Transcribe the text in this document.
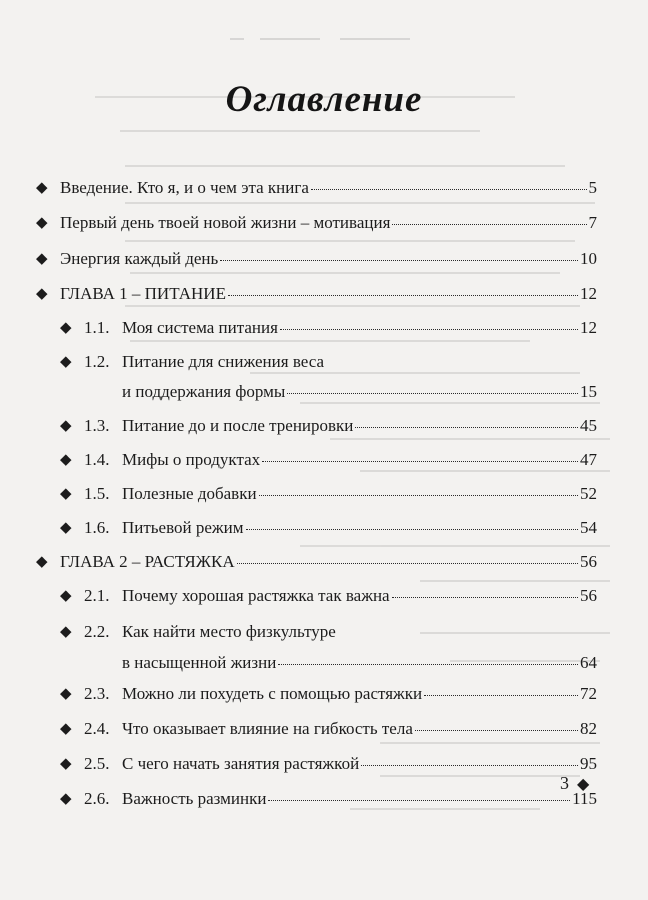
Оглавление
◆ Введение. Кто я, и о чем эта книга	5
◆ Первый день твоей новой жизни – мотивация	7
◆ Энергия каждый день	10
◆ ГЛАВА 1 – ПИТАНИЕ	12
◆ 1.1. Моя система питания	12
◆ 1.2. Питание для снижения веса
и поддержания формы	15
◆ 1.3. Питание до и после тренировки	45
◆ 1.4. Мифы о продуктах	47
◆ 1.5. Полезные добавки	52
◆ 1.6. Питьевой режим	54
◆ ГЛАВА 2 – РАСТЯЖКА	56
◆ 2.1. Почему хорошая растяжка так важна	56
◆ 2.2. Как найти место физкультуре
в насыщенной жизни	64
◆ 2.3. Можно ли похудеть с помощью растяжки	72
◆ 2.4. Что оказывает влияние на гибкость тела	82
◆ 2.5. С чего начать занятия растяжкой	95
◆ 2.6. Важность разминки	115
3 ◆
